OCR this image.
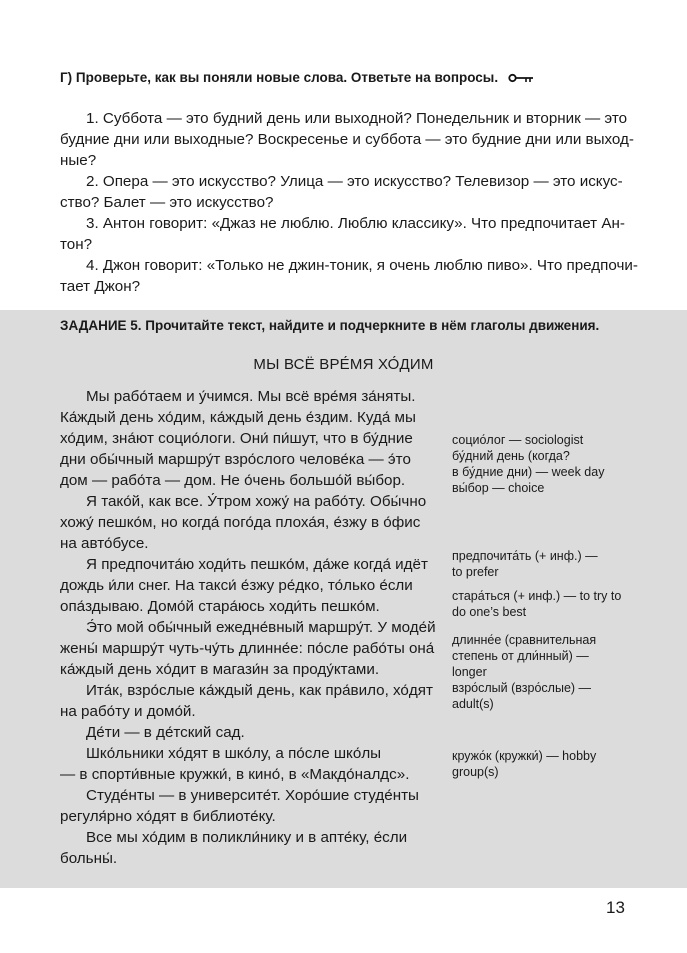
Г) Проверьте, как вы поняли новые слова. Ответьте на вопросы.
1. Суббота — это будний день или выходной? Понедельник и вторник — это
будние дни или выходные? Воскресенье и суббота — это будние дни или выход-
ные?
2. Опера — это искусство? Улица — это искусство? Телевизор — это искус-
ство? Балет — это искусство?
3. Антон говорит: «Джаз не люблю. Люблю классику». Что предпочитает Ан-
тон?
4. Джон говорит: «Только не джин-тоник, я очень люблю пиво». Что предпочи-
тает Джон?
ЗАДАНИЕ 5. Прочитайте текст, найдите и подчеркните в нём глаголы движения.
МЫ ВСЁ ВРЕ́МЯ ХО́ДИМ
Мы рабо́таем и у́чимся. Мы всё вре́мя за́няты.
Ка́ждый день хо́дим, ка́ждый день е́здим. Куда́ мы
хо́дим, зна́ют социо́логи. Они́ пи́шут, что в бу́дние
дни обы́чный маршру́т взро́слого челове́ка — э́то
дом — рабо́та — дом. Не о́чень большо́й вы́бор.
Я тако́й, как все. У́тром хожу́ на рабо́ту. Обы́чно
хожу́ пешко́м, но когда́ пого́да плоха́я, е́зжу в о́фис
на авто́бусе.
Я предпочита́ю ходи́ть пешко́м, да́же когда́ идёт
дождь и́ли снег. На такси́ е́зжу ре́дко, то́лько е́сли
опа́здываю. Домо́й стара́юсь ходи́ть пешко́м.
Э́то мой обы́чный ежедне́вный маршру́т. У моде́й
жены́ маршру́т чуть-чу́ть длинне́е: по́сле рабо́ты она́
ка́ждый день хо́дит в магази́н за проду́ктами.
Ита́к, взро́слые ка́ждый день, как пра́вило, хо́дят
на рабо́ту и домо́й.
Де́ти — в де́тский сад.
Шко́льники хо́дят в шко́лу, а по́сле шко́лы
— в спорти́вные кружки́, в кино́, в «Макдо́налдс».
Студе́нты — в университе́т. Хоро́шие студе́нты
регуля́рно хо́дят в библиоте́ку.
Все мы хо́дим в поликли́нику и в апте́ку, е́сли
больны́.
социо́лог — sociologist
бу́дний день (когда?
в бу́дние дни) — week day
вы́бор — choice
предпочита́ть (+ инф.) —
to prefer
стара́ться (+ инф.) — to try to
do one’s best
длинне́е (сравнительная
степень от дли́нный) —
longer
взро́слый (взро́слые) —
adult(s)
кружо́к (кружки́) — hobby
group(s)
13
